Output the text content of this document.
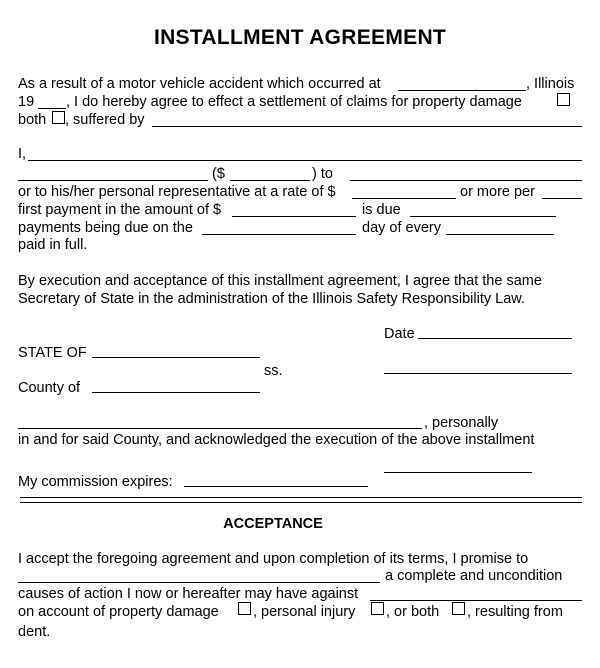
INSTALLMENT AGREEMENT
As a result of a motor vehicle accident which occurred at	, Illinois
19 , I do hereby agree to effect a settlement of claims for property damage
both , suffered by
I,
($	) to
or to his/her personal representative at a rate of $	or more per
first payment in the amount of $	is due
payments being due on the	day of every
paid in full.
By execution and acceptance of this installment agreement, I agree that the same
Secretary of State in the administration of the Illinois Safety Responsibility Law.
Date
STATE OF
ss.
County of
, personally
in and for said County, and acknowledged the execution of the above installment
My commission expires:
ACCEPTANCE
I accept the foregoing agreement and upon completion of its terms, I promise to
a complete and uncondition
causes of action I now or hereafter may have against
on account of property damage , personal injury , or both , resulting from
dent.
